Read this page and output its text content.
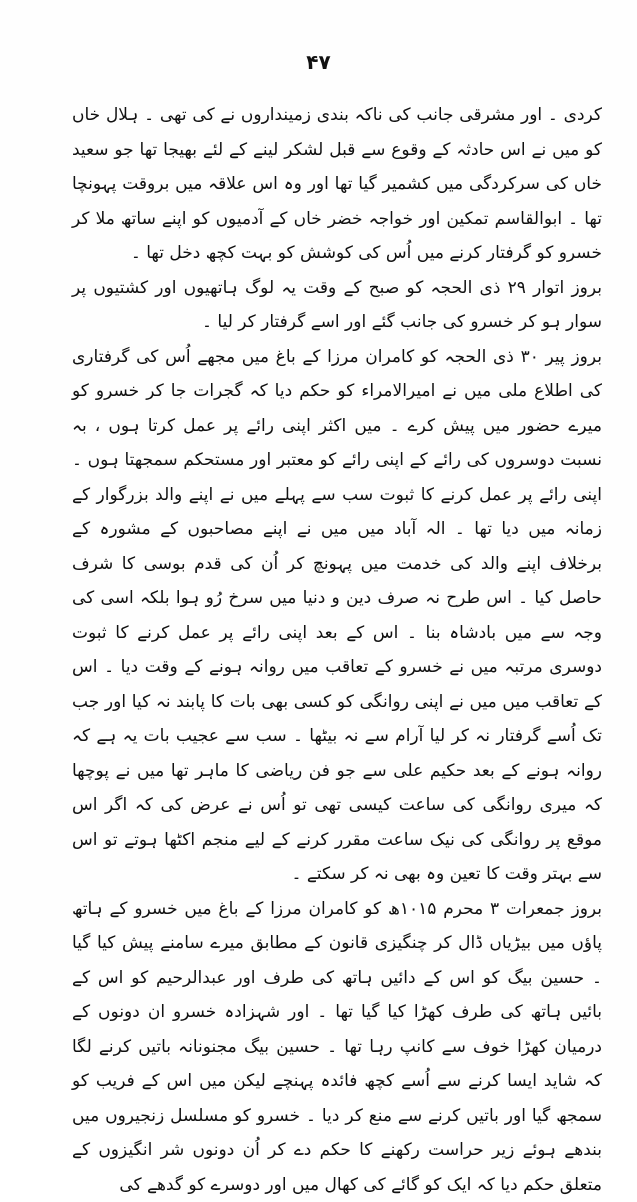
۴۷

کردی ۔ اور مشرقی جانب کی ناکہ بندی زمینداروں نے کی تھی ۔ ہلال خاں کو میں نے اس حادثہ کے وقوع سے قبل لشکر لینے کے لئے بھیجا تھا جو سعید خاں کی سرکردگی میں کشمیر گیا تھا اور وہ اس علاقہ میں بروقت پہونچا تھا ۔ ابوالقاسم تمکین اور خواجہ خضر خاں کے آدمیوں کو اپنے ساتھ ملا کر خسرو کو گرفتار کرنے میں اُس کی کوشش کو بہت کچھ دخل تھا ۔

بروز اتوار ۲۹ ذی الحجہ کو صبح کے وقت یہ لوگ ہاتھیوں اور کشتیوں پر سوار ہو کر خسرو کی جانب گئے اور اسے گرفتار کر لیا ۔

بروز پیر ۳۰ ذی الحجہ کو کامران مرزا کے باغ میں مجھے اُس کی گرفتاری کی اطلاع ملی میں نے امیرالامراء کو حکم دیا کہ گجرات جا کر خسرو کو میرے حضور میں پیش کرے ۔ میں اکثر اپنی رائے پر عمل کرتا ہوں ، بہ نسبت دوسروں کی رائے کے اپنی رائے کو معتبر اور مستحکم سمجھتا ہوں ۔ اپنی رائے پر عمل کرنے کا ثبوت سب سے پہلے میں نے اپنے والد بزرگوار کے زمانہ میں دیا تھا ۔ الہ آباد میں میں نے اپنے مصاحبوں کے مشورہ کے برخلاف اپنے والد کی خدمت میں پہونچ کر اُن کی قدم بوسی کا شرف حاصل کیا ۔ اس طرح نہ صرف دین و دنیا میں سرخ رُو ہوا بلکہ اسی کی وجہ سے میں بادشاہ بنا ۔ اس کے بعد اپنی رائے پر عمل کرنے کا ثبوت دوسری مرتبہ میں نے خسرو کے تعاقب میں روانہ ہونے کے وقت دیا ۔ اس کے تعاقب میں میں نے اپنی روانگی کو کسی بھی بات کا پابند نہ کیا اور جب تک اُسے گرفتار نہ کر لیا آرام سے نہ بیٹھا ۔ سب سے عجیب بات یہ ہے کہ روانہ ہونے کے بعد حکیم علی سے جو فن ریاضی کا ماہر تھا میں نے پوچھا کہ میری روانگی کی ساعت کیسی تھی تو اُس نے عرض کی کہ اگر اس موقع پر روانگی کی نیک ساعت مقرر کرنے کے لیے منجم اکٹھا ہوتے تو اس سے بہتر وقت کا تعین وہ بھی نہ کر سکتے ۔

بروز جمعرات ۳ محرم ۱۰۱۵ھ کو کامران مرزا کے باغ میں خسرو کے ہاتھ پاؤں میں بیڑیاں ڈال کر چنگیزی قانون کے مطابق میرے سامنے پیش کیا گیا ۔ حسین بیگ کو اس کے دائیں ہاتھ کی طرف اور عبدالرحیم کو اس کے بائیں ہاتھ کی طرف کھڑا کیا گیا تھا ۔ اور شہزادہ خسرو ان دونوں کے درمیان کھڑا خوف سے کانپ رہا تھا ۔ حسین بیگ مجنونانہ باتیں کرنے لگا کہ شاید ایسا کرنے سے اُسے کچھ فائدہ پہنچے لیکن میں اس کے فریب کو سمجھ گیا اور باتیں کرنے سے منع کر دیا ۔ خسرو کو مسلسل زنجیروں میں بندھے ہوئے زیر حراست رکھنے کا حکم دے کر اُن دونوں شر انگیزوں کے متعلق حکم دیا کہ ایک کو گائے کی کھال میں اور دوسرے کو گدھے کی
